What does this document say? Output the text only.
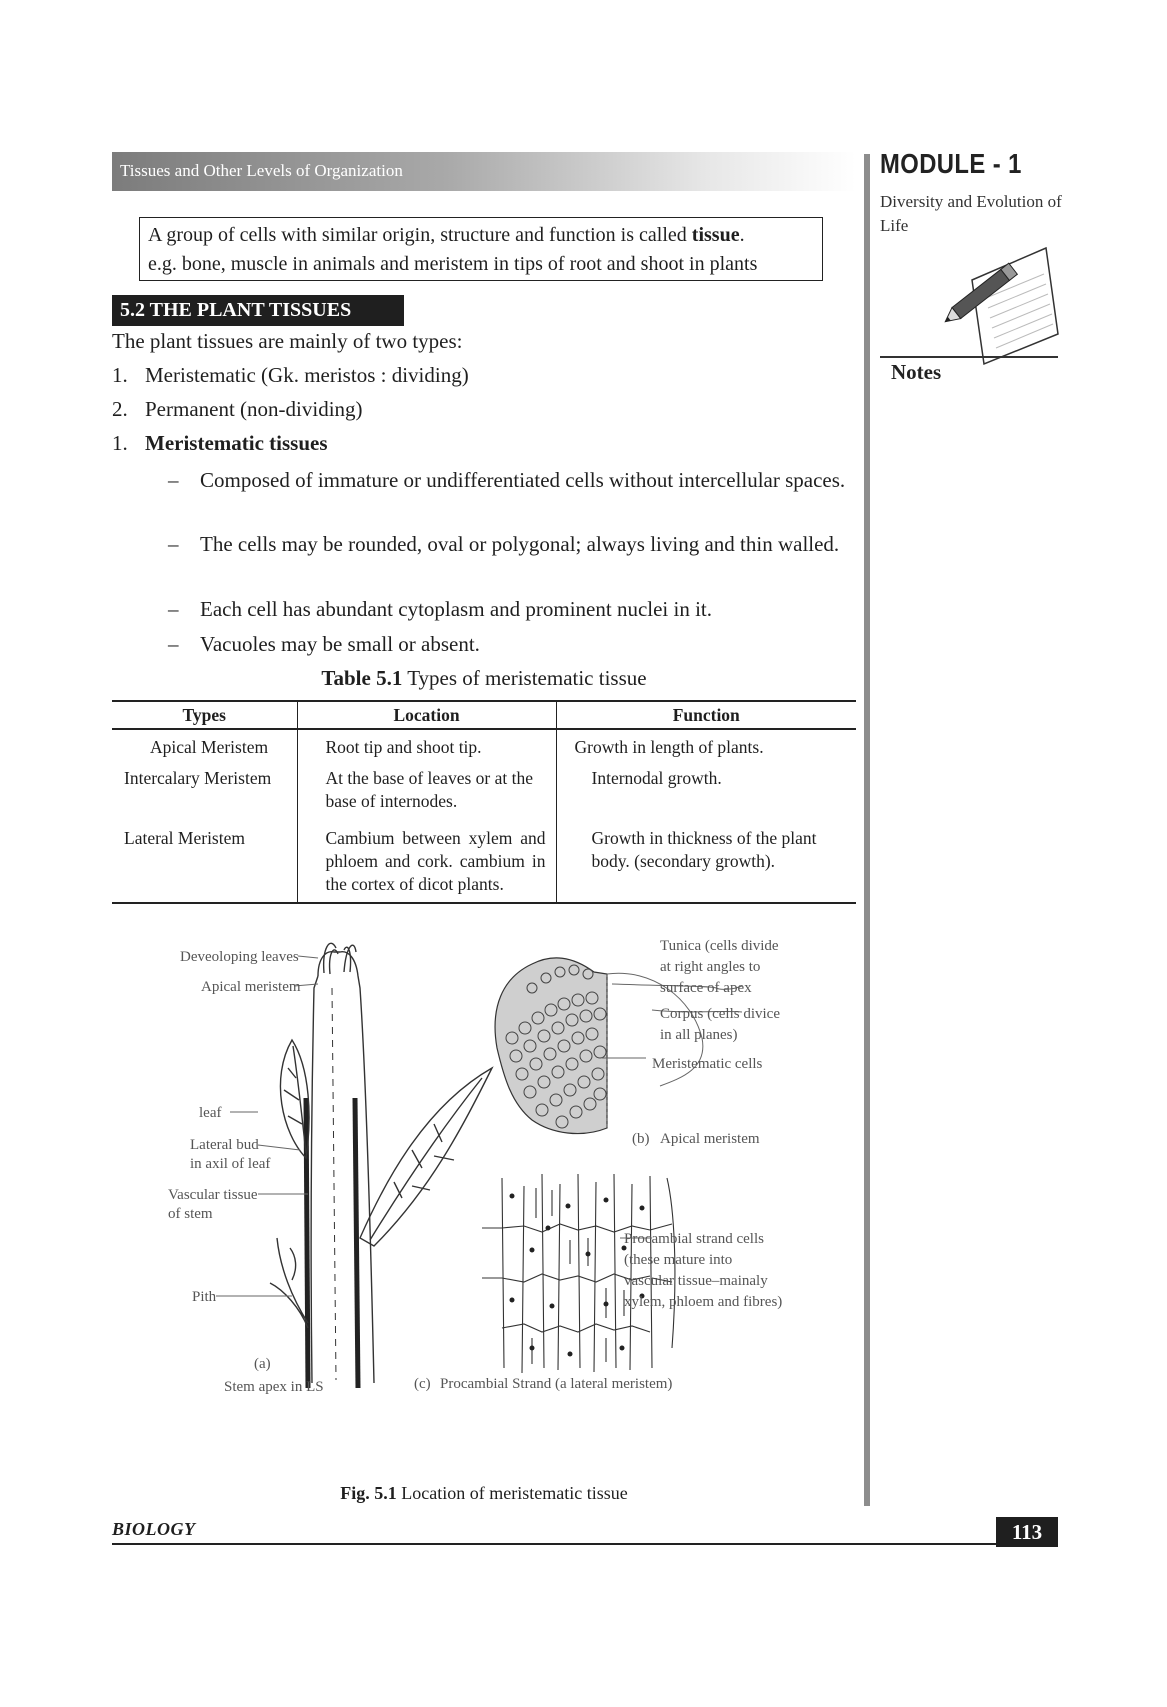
Tissues and Other Levels of Organization	MODULE - 1
Diversity and Evolution of Life
Notes
A group of cells with similar origin, structure and function is called tissue.
e.g. bone, muscle in animals and meristem in tips of root and shoot in plants
5.2 THE PLANT TISSUES
The plant tissues are mainly of two types:
1. Meristematic (Gk. meristos : dividing)
2. Permanent (non-dividing)
1. Meristematic tissues
– Composed of immature or undifferentiated cells without intercellular spaces.
– The cells may be rounded, oval or polygonal; always living and thin walled.
– Each cell has abundant cytoplasm and prominent nuclei in it.
– Vacuoles may be small or absent.
Table 5.1 Types of meristematic tissue
Types	Location	Function
Apical Meristem	Root tip and shoot tip.	Growth in length of plants.
Intercalary Meristem	At the base of leaves or at the base of internodes.	Internodal growth.
Lateral Meristem	Cambium between xylem and phloem and cork. cambium in the cortex of dicot plants.	Growth in thickness of the plant body. (secondary growth).
Deveoloping leaves
Apical meristem
leaf
Lateral bud
in axil of leaf
Vascular tissue
of stem
Pith
(a)
Stem apex in LS
Tunica (cells divide
at right angles to
surface of apex
Corpus (cells divice
in all planes)
Meristematic cells
(b) Apical meristem
Procambial strand cells
(these mature into
vascular tissue–mainaly
xylem, phloem and fibres)
(c) Procambial Strand (a lateral meristem)
Fig. 5.1 Location of meristematic tissue
BIOLOGY	113
